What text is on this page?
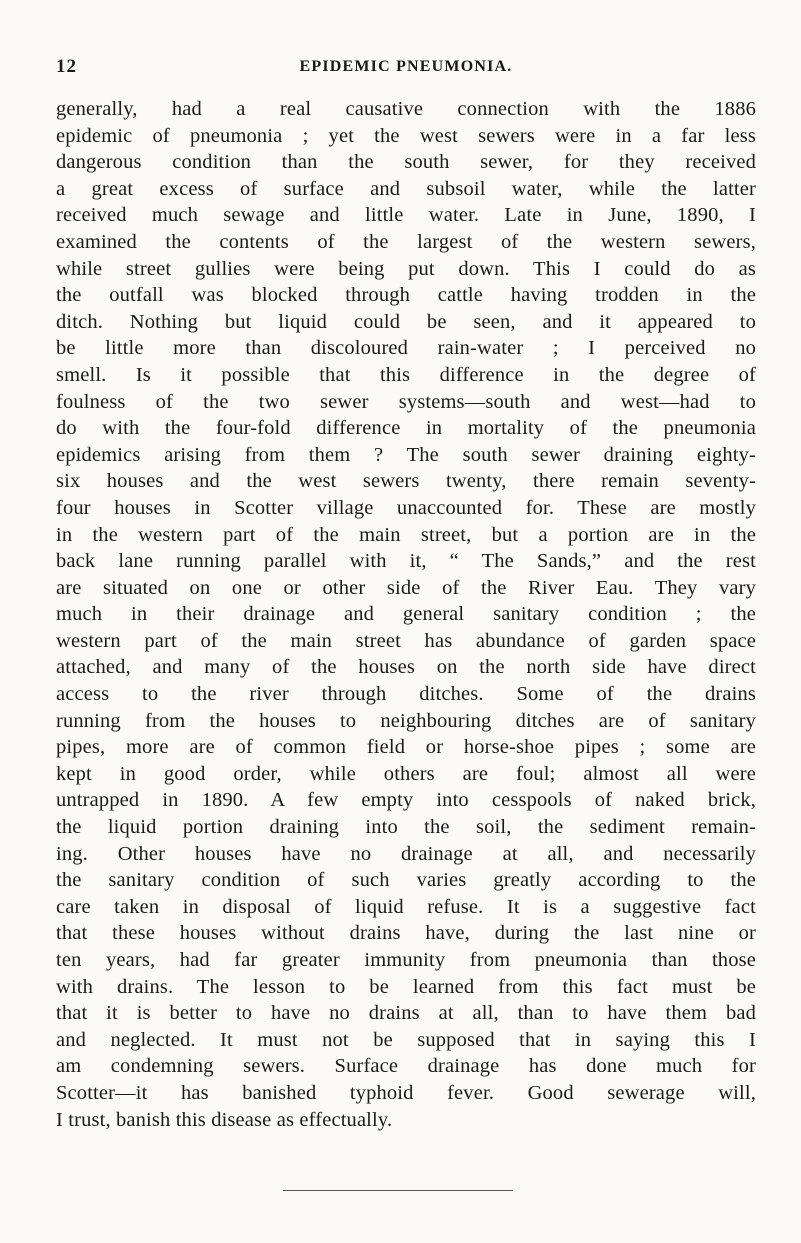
12	EPIDEMIC PNEUMONIA.
generally, had a real causative connection with the 1886
epidemic of pneumonia ; yet the west sewers were in a far less
dangerous condition than the south sewer, for they received
a great excess of surface and subsoil water, while the latter
received much sewage and little water. Late in June, 1890, I
examined the contents of the largest of the western sewers,
while street gullies were being put down. This I could do as
the outfall was blocked through cattle having trodden in the
ditch. Nothing but liquid could be seen, and it appeared to
be little more than discoloured rain-water ; I perceived no
smell. Is it possible that this difference in the degree of
foulness of the two sewer systems—south and west—had to
do with the four-fold difference in mortality of the pneumonia
epidemics arising from them ? The south sewer draining eighty-
six houses and the west sewers twenty, there remain seventy-
four houses in Scotter village unaccounted for. These are mostly
in the western part of the main street, but a portion are in the
back lane running parallel with it, “ The Sands,” and the rest
are situated on one or other side of the River Eau. They vary
much in their drainage and general sanitary condition ; the
western part of the main street has abundance of garden space
attached, and many of the houses on the north side have direct
access to the river through ditches. Some of the drains
running from the houses to neighbouring ditches are of sanitary
pipes, more are of common field or horse-shoe pipes ; some are
kept in good order, while others are foul; almost all were
untrapped in 1890. A few empty into cesspools of naked brick,
the liquid portion draining into the soil, the sediment remain-
ing. Other houses have no drainage at all, and necessarily
the sanitary condition of such varies greatly according to the
care taken in disposal of liquid refuse. It is a suggestive fact
that these houses without drains have, during the last nine or
ten years, had far greater immunity from pneumonia than those
with drains. The lesson to be learned from this fact must be
that it is better to have no drains at all, than to have them bad
and neglected. It must not be supposed that in saying this I
am condemning sewers. Surface drainage has done much for
Scotter—it has banished typhoid fever. Good sewerage will,
I trust, banish this disease as effectually.
